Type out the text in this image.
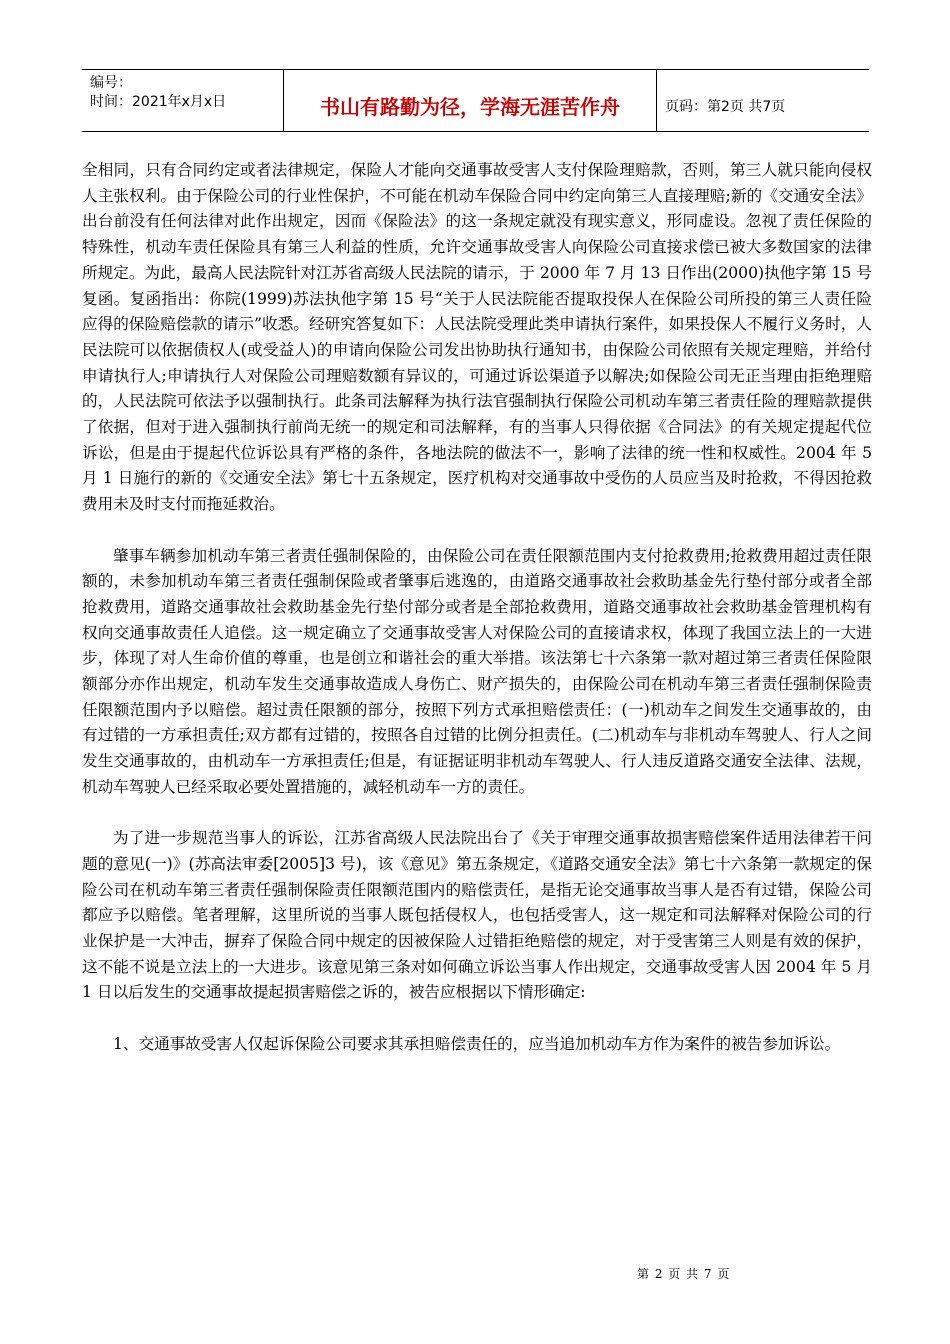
编号：
时间：2021年x月x日	书山有路勤为径，学海无涯苦作舟	页码：第2页 共7页

全相同，只有合同约定或者法律规定，保险人才能向交通事故受害人支付保险理赔款，否则，第三人就只能向侵权人主张权利。由于保险公司的行业性保护，不可能在机动车保险合同中约定向第三人直接理赔;新的《交通安全法》出台前没有任何法律对此作出规定，因而《保险法》的这一条规定就没有现实意义，形同虚设。忽视了责任保险的特殊性，机动车责任保险具有第三人利益的性质，允许交通事故受害人向保险公司直接求偿已被大多数国家的法律所规定。为此，最高人民法院针对江苏省高级人民法院的请示，于 2000 年 7 月 13 日作出(2000)执他字第 15 号复函。复函指出：你院(1999)苏法执他字第 15 号“关于人民法院能否提取投保人在保险公司所投的第三人责任险应得的保险赔偿款的请示”收悉。经研究答复如下：人民法院受理此类申请执行案件，如果投保人不履行义务时，人民法院可以依据债权人(或受益人)的申请向保险公司发出协助执行通知书，由保险公司依照有关规定理赔，并给付申请执行人;申请执行人对保险公司理赔数额有异议的，可通过诉讼渠道予以解决;如保险公司无正当理由拒绝理赔的，人民法院可依法予以强制执行。此条司法解释为执行法官强制执行保险公司机动车第三者责任险的理赔款提供了依据，但对于进入强制执行前尚无统一的规定和司法解释，有的当事人只得依据《合同法》的有关规定提起代位诉讼，但是由于提起代位诉讼具有严格的条件，各地法院的做法不一，影响了法律的统一性和权威性。2004 年 5 月 1 日施行的新的《交通安全法》第七十五条规定，医疗机构对交通事故中受伤的人员应当及时抢救，不得因抢救费用未及时支付而拖延救治。

肇事车辆参加机动车第三者责任强制保险的，由保险公司在责任限额范围内支付抢救费用;抢救费用超过责任限额的，未参加机动车第三者责任强制保险或者肇事后逃逸的，由道路交通事故社会救助基金先行垫付部分或者全部抢救费用，道路交通事故社会救助基金先行垫付部分或者是全部抢救费用，道路交通事故社会救助基金管理机构有权向交通事故责任人追偿。这一规定确立了交通事故受害人对保险公司的直接请求权，体现了我国立法上的一大进步，体现了对人生命价值的尊重，也是创立和谐社会的重大举措。该法第七十六条第一款对超过第三者责任保险限额部分亦作出规定，机动车发生交通事故造成人身伤亡、财产损失的，由保险公司在机动车第三者责任强制保险责任限额范围内予以赔偿。超过责任限额的部分，按照下列方式承担赔偿责任：(一)机动车之间发生交通事故的，由有过错的一方承担责任;双方都有过错的，按照各自过错的比例分担责任。(二)机动车与非机动车驾驶人、行人之间发生交通事故的，由机动车一方承担责任;但是，有证据证明非机动车驾驶人、行人违反道路交通安全法律、法规，机动车驾驶人已经采取必要处置措施的，减轻机动车一方的责任。

为了进一步规范当事人的诉讼，江苏省高级人民法院出台了《关于审理交通事故损害赔偿案件适用法律若干问题的意见(一)》(苏高法审委[2005]3 号)，该《意见》第五条规定，《道路交通安全法》第七十六条第一款规定的保险公司在机动车第三者责任强制保险责任限额范围内的赔偿责任，是指无论交通事故当事人是否有过错，保险公司都应予以赔偿。笔者理解，这里所说的当事人既包括侵权人，也包括受害人，这一规定和司法解释对保险公司的行业保护是一大冲击，摒弃了保险合同中规定的因被保险人过错拒绝赔偿的规定，对于受害第三人则是有效的保护，这不能不说是立法上的一大进步。该意见第三条对如何确立诉讼当事人作出规定，交通事故受害人因 2004 年 5 月 1 日以后发生的交通事故提起损害赔偿之诉的，被告应根据以下情形确定:

1、交通事故受害人仅起诉保险公司要求其承担赔偿责任的，应当追加机动车方作为案件的被告参加诉讼。

第 2 页 共 7 页
